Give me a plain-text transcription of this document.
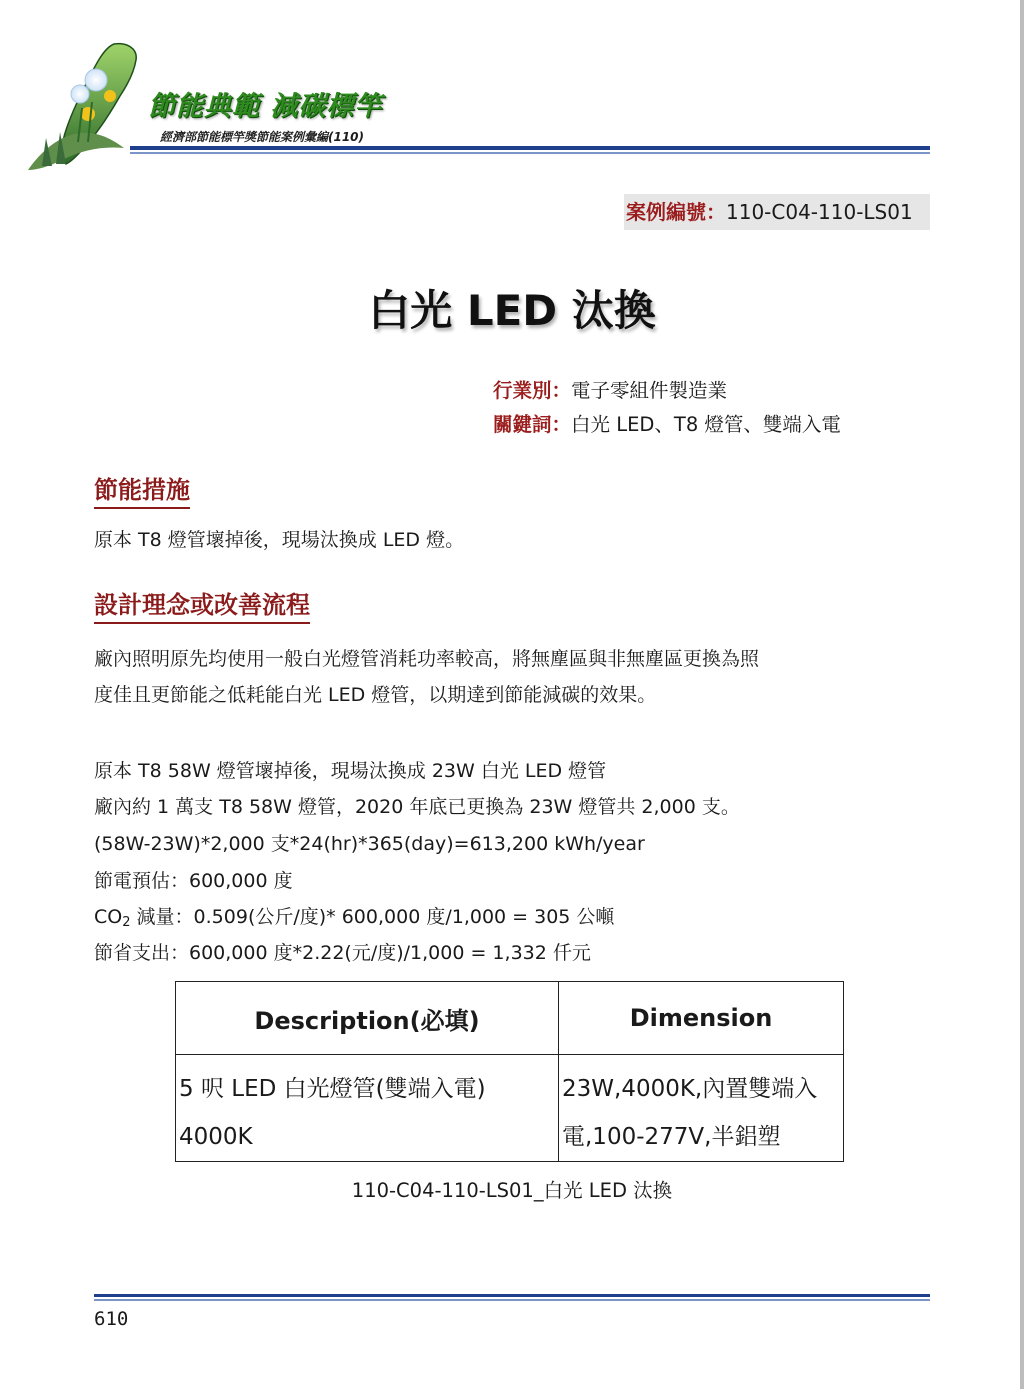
節能典範 減碳標竿
經濟部節能標竿獎節能案例彙編(110)
案例編號：110-C04-110-LS01
白光 LED 汰換
行業別：電子零組件製造業
關鍵詞：白光 LED、T8 燈管、雙端入電
節能措施
原本 T8 燈管壞掉後，現場汰換成 LED 燈。
設計理念或改善流程
廠內照明原先均使用一般白光燈管消耗功率較高，將無塵區與非無塵區更換為照
度佳且更節能之低耗能白光 LED 燈管，以期達到節能減碳的效果。
原本 T8 58W 燈管壞掉後，現場汰換成 23W 白光 LED 燈管
廠內約 1 萬支 T8 58W 燈管，2020 年底已更換為 23W 燈管共 2,000 支。
(58W-23W)*2,000 支*24(hr)*365(day)=613,200 kWh/year
節電預估：600,000 度
$CO_2$ 減量：0.509(公斤/度)* 600,000 度/1,000 = 305 公噸
節省支出：600,000 度*2.22(元/度)/1,000 = 1,332 仟元
Description(必填)	Dimension
5 呎 LED 白光燈管(雙端入電) 4000K	23W,4000K,內置雙端入電,100-277V,半鋁塑
110-C04-110-LS01_白光 LED 汰換
610
